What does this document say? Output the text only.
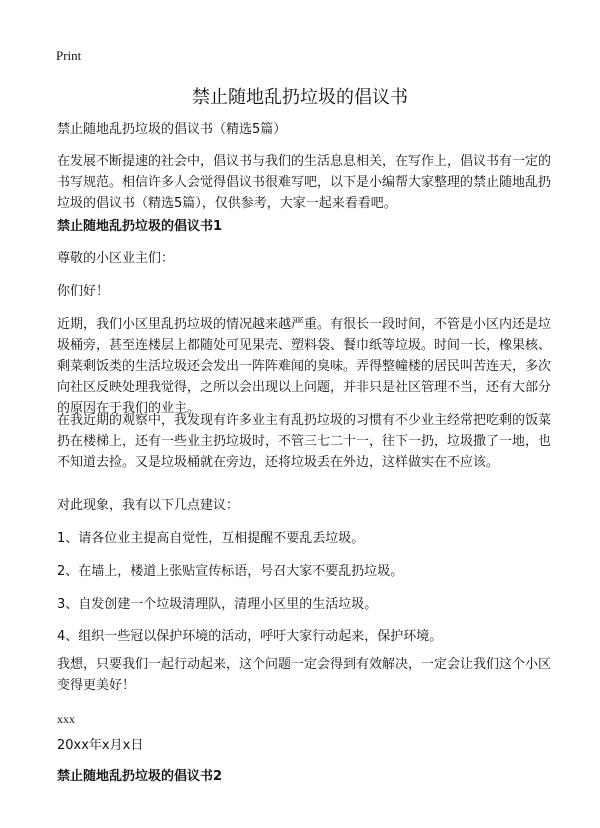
Print
禁止随地乱扔垃圾的倡议书
禁止随地乱扔垃圾的倡议书（精选5篇）
在发展不断提速的社会中，倡议书与我们的生活息息相关，在写作上，倡议书有一定的书写规范。相信许多人会觉得倡议书很难写吧，以下是小编帮大家整理的禁止随地乱扔垃圾的倡议书（精选5篇），仅供参考，大家一起来看看吧。
禁止随地乱扔垃圾的倡议书1
尊敬的小区业主们：
你们好！
近期，我们小区里乱扔垃圾的情况越来越严重。有很长一段时间，不管是小区内还是垃圾桶旁，甚至连楼层上都随处可见果壳、塑料袋、餐巾纸等垃圾。时间一长，橡果核、剩菜剩饭类的生活垃圾还会发出一阵阵难闻的臭味。弄得整幢楼的居民叫苦连天，多次向社区反映处理我觉得，之所以会出现以上问题，并非只是社区管理不当，还有大部分的原因在于我们的业主。
在我近期的观察中，我发现有许多业主有乱扔垃圾的习惯有不少业主经常把吃剩的饭菜扔在楼梯上，还有一些业主扔垃圾时，不管三七二十一，往下一扔，垃圾撒了一地，也不知道去捡。又是垃圾桶就在旁边，还将垃圾丢在外边，这样做实在不应该。
对此现象，我有以下几点建议：
1、请各位业主提高自觉性，互相提醒不要乱丢垃圾。
2、在墙上，楼道上张贴宣传标语，号召大家不要乱扔垃圾。
3、自发创建一个垃圾清理队，清理小区里的生活垃圾。
4、组织一些冠以保护环境的活动，呼吁大家行动起来，保护环境。
我想，只要我们一起行动起来，这个问题一定会得到有效解决，一定会让我们这个小区变得更美好！
xxx
20xx年x月x日
禁止随地乱扔垃圾的倡议书2
